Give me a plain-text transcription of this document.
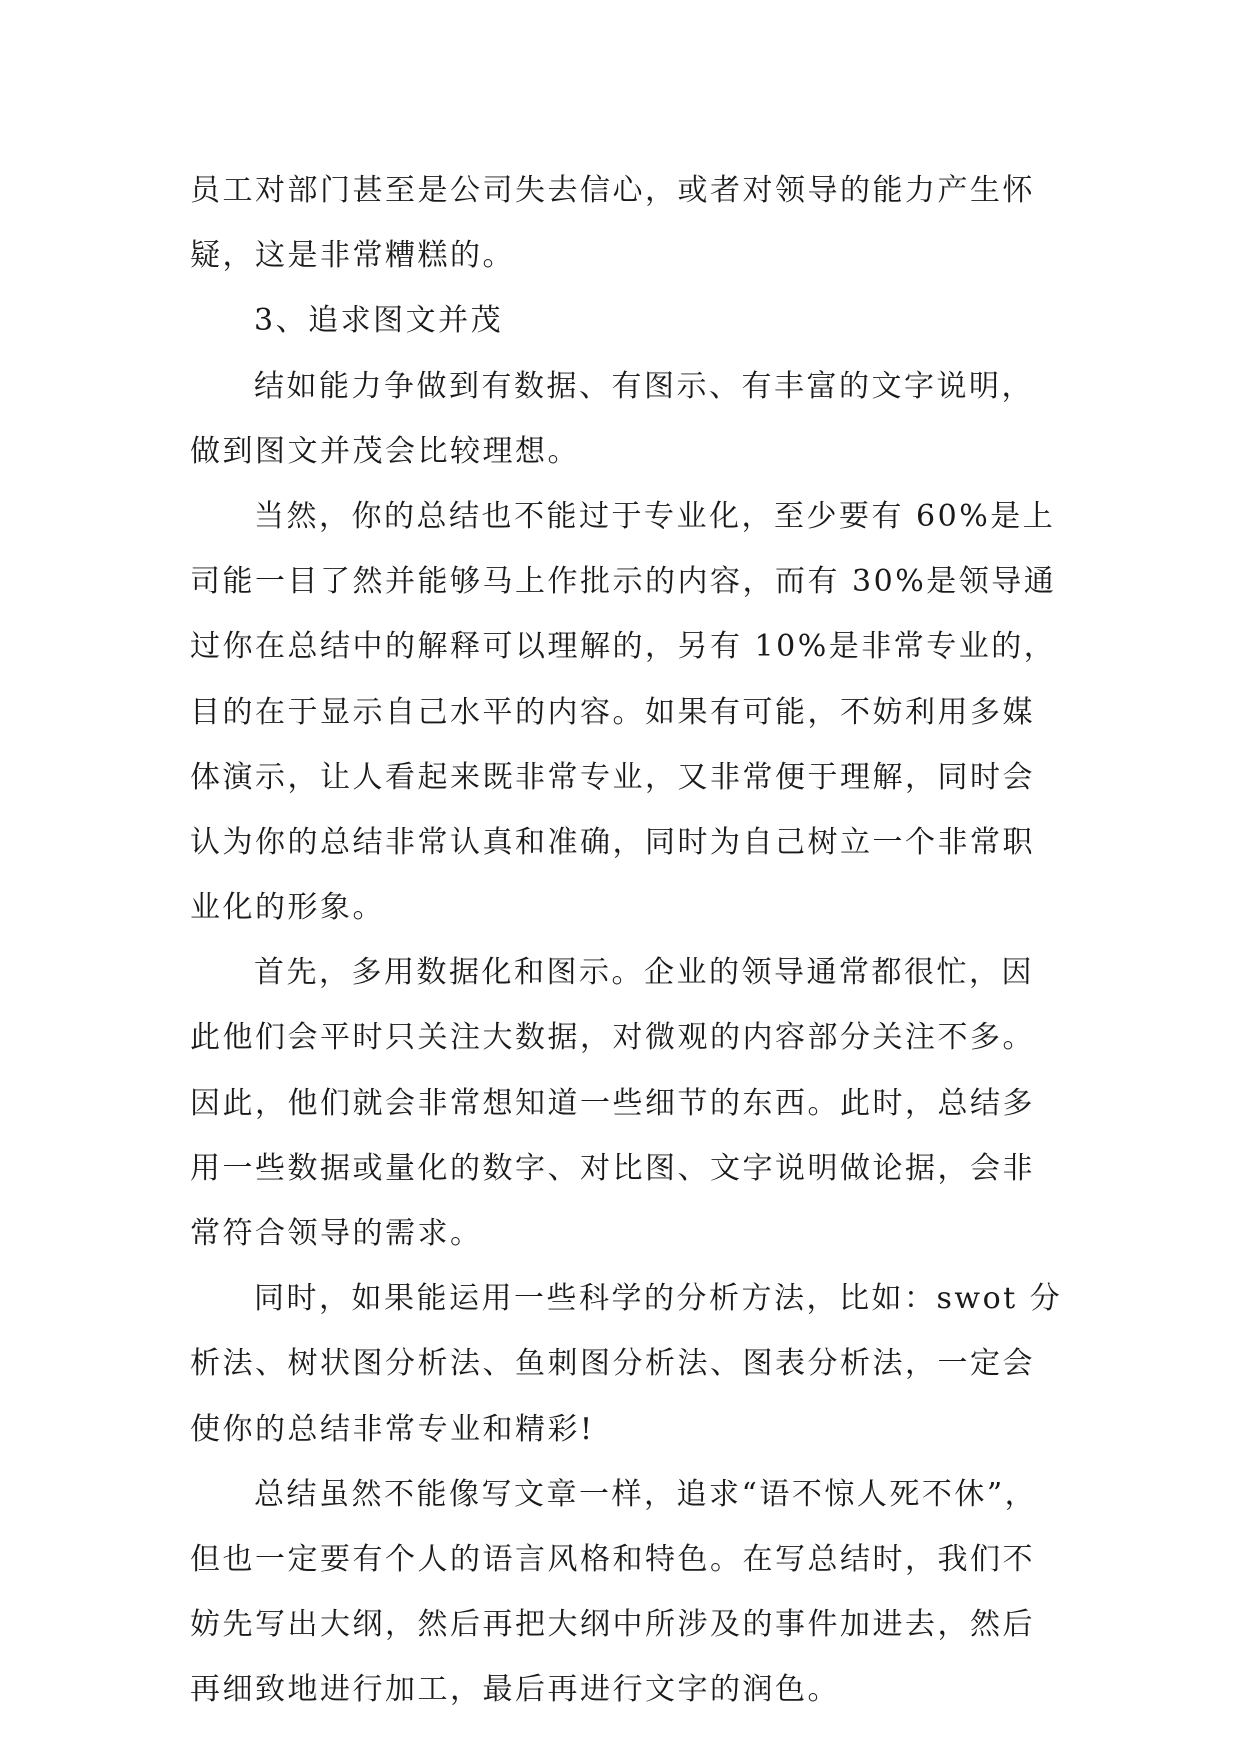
员工对部门甚至是公司失去信心，或者对领导的能力产生怀
疑，这是非常糟糕的。
3、追求图文并茂
结如能力争做到有数据、有图示、有丰富的文字说明，
做到图文并茂会比较理想。
当然，你的总结也不能过于专业化，至少要有 60%是上
司能一目了然并能够马上作批示的内容，而有 30%是领导通
过你在总结中的解释可以理解的，另有 10%是非常专业的，
目的在于显示自己水平的内容。如果有可能，不妨利用多媒
体演示，让人看起来既非常专业，又非常便于理解，同时会
认为你的总结非常认真和准确，同时为自己树立一个非常职
业化的形象。
首先，多用数据化和图示。企业的领导通常都很忙，因
此他们会平时只关注大数据，对微观的内容部分关注不多。
因此，他们就会非常想知道一些细节的东西。此时，总结多
用一些数据或量化的数字、对比图、文字说明做论据，会非
常符合领导的需求。
同时，如果能运用一些科学的分析方法，比如：swot 分
析法、树状图分析法、鱼刺图分析法、图表分析法，一定会
使你的总结非常专业和精彩!
总结虽然不能像写文章一样，追求“语不惊人死不休”，
但也一定要有个人的语言风格和特色。在写总结时，我们不
妨先写出大纲，然后再把大纲中所涉及的事件加进去，然后
再细致地进行加工，最后再进行文字的润色。
